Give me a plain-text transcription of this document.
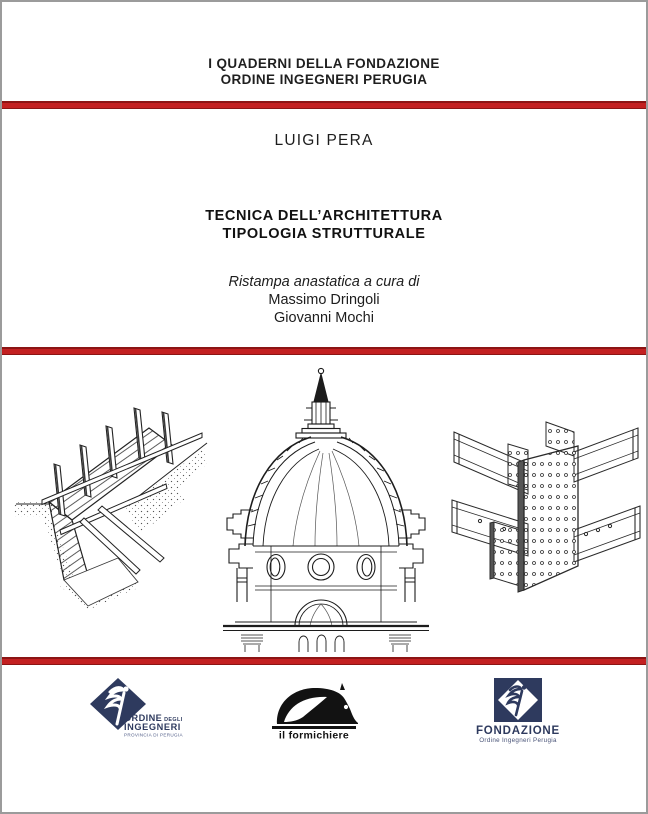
I QUADERNI DELLA FONDAZIONE
ORDINE INGEGNERI PERUGIA
LUIGI PERA
TECNICA DELL’ARCHITETTURA
TIPOLOGIA STRUTTURALE
Ristampa anastatica a cura di
Massimo Dringoli
Giovanni Mochi
ORDINE DEGLI
INGEGNERI
PROVINCIA DI PERUGIA	il formichiere	FONDAZIONE
Ordine Ingegneri Perugia
